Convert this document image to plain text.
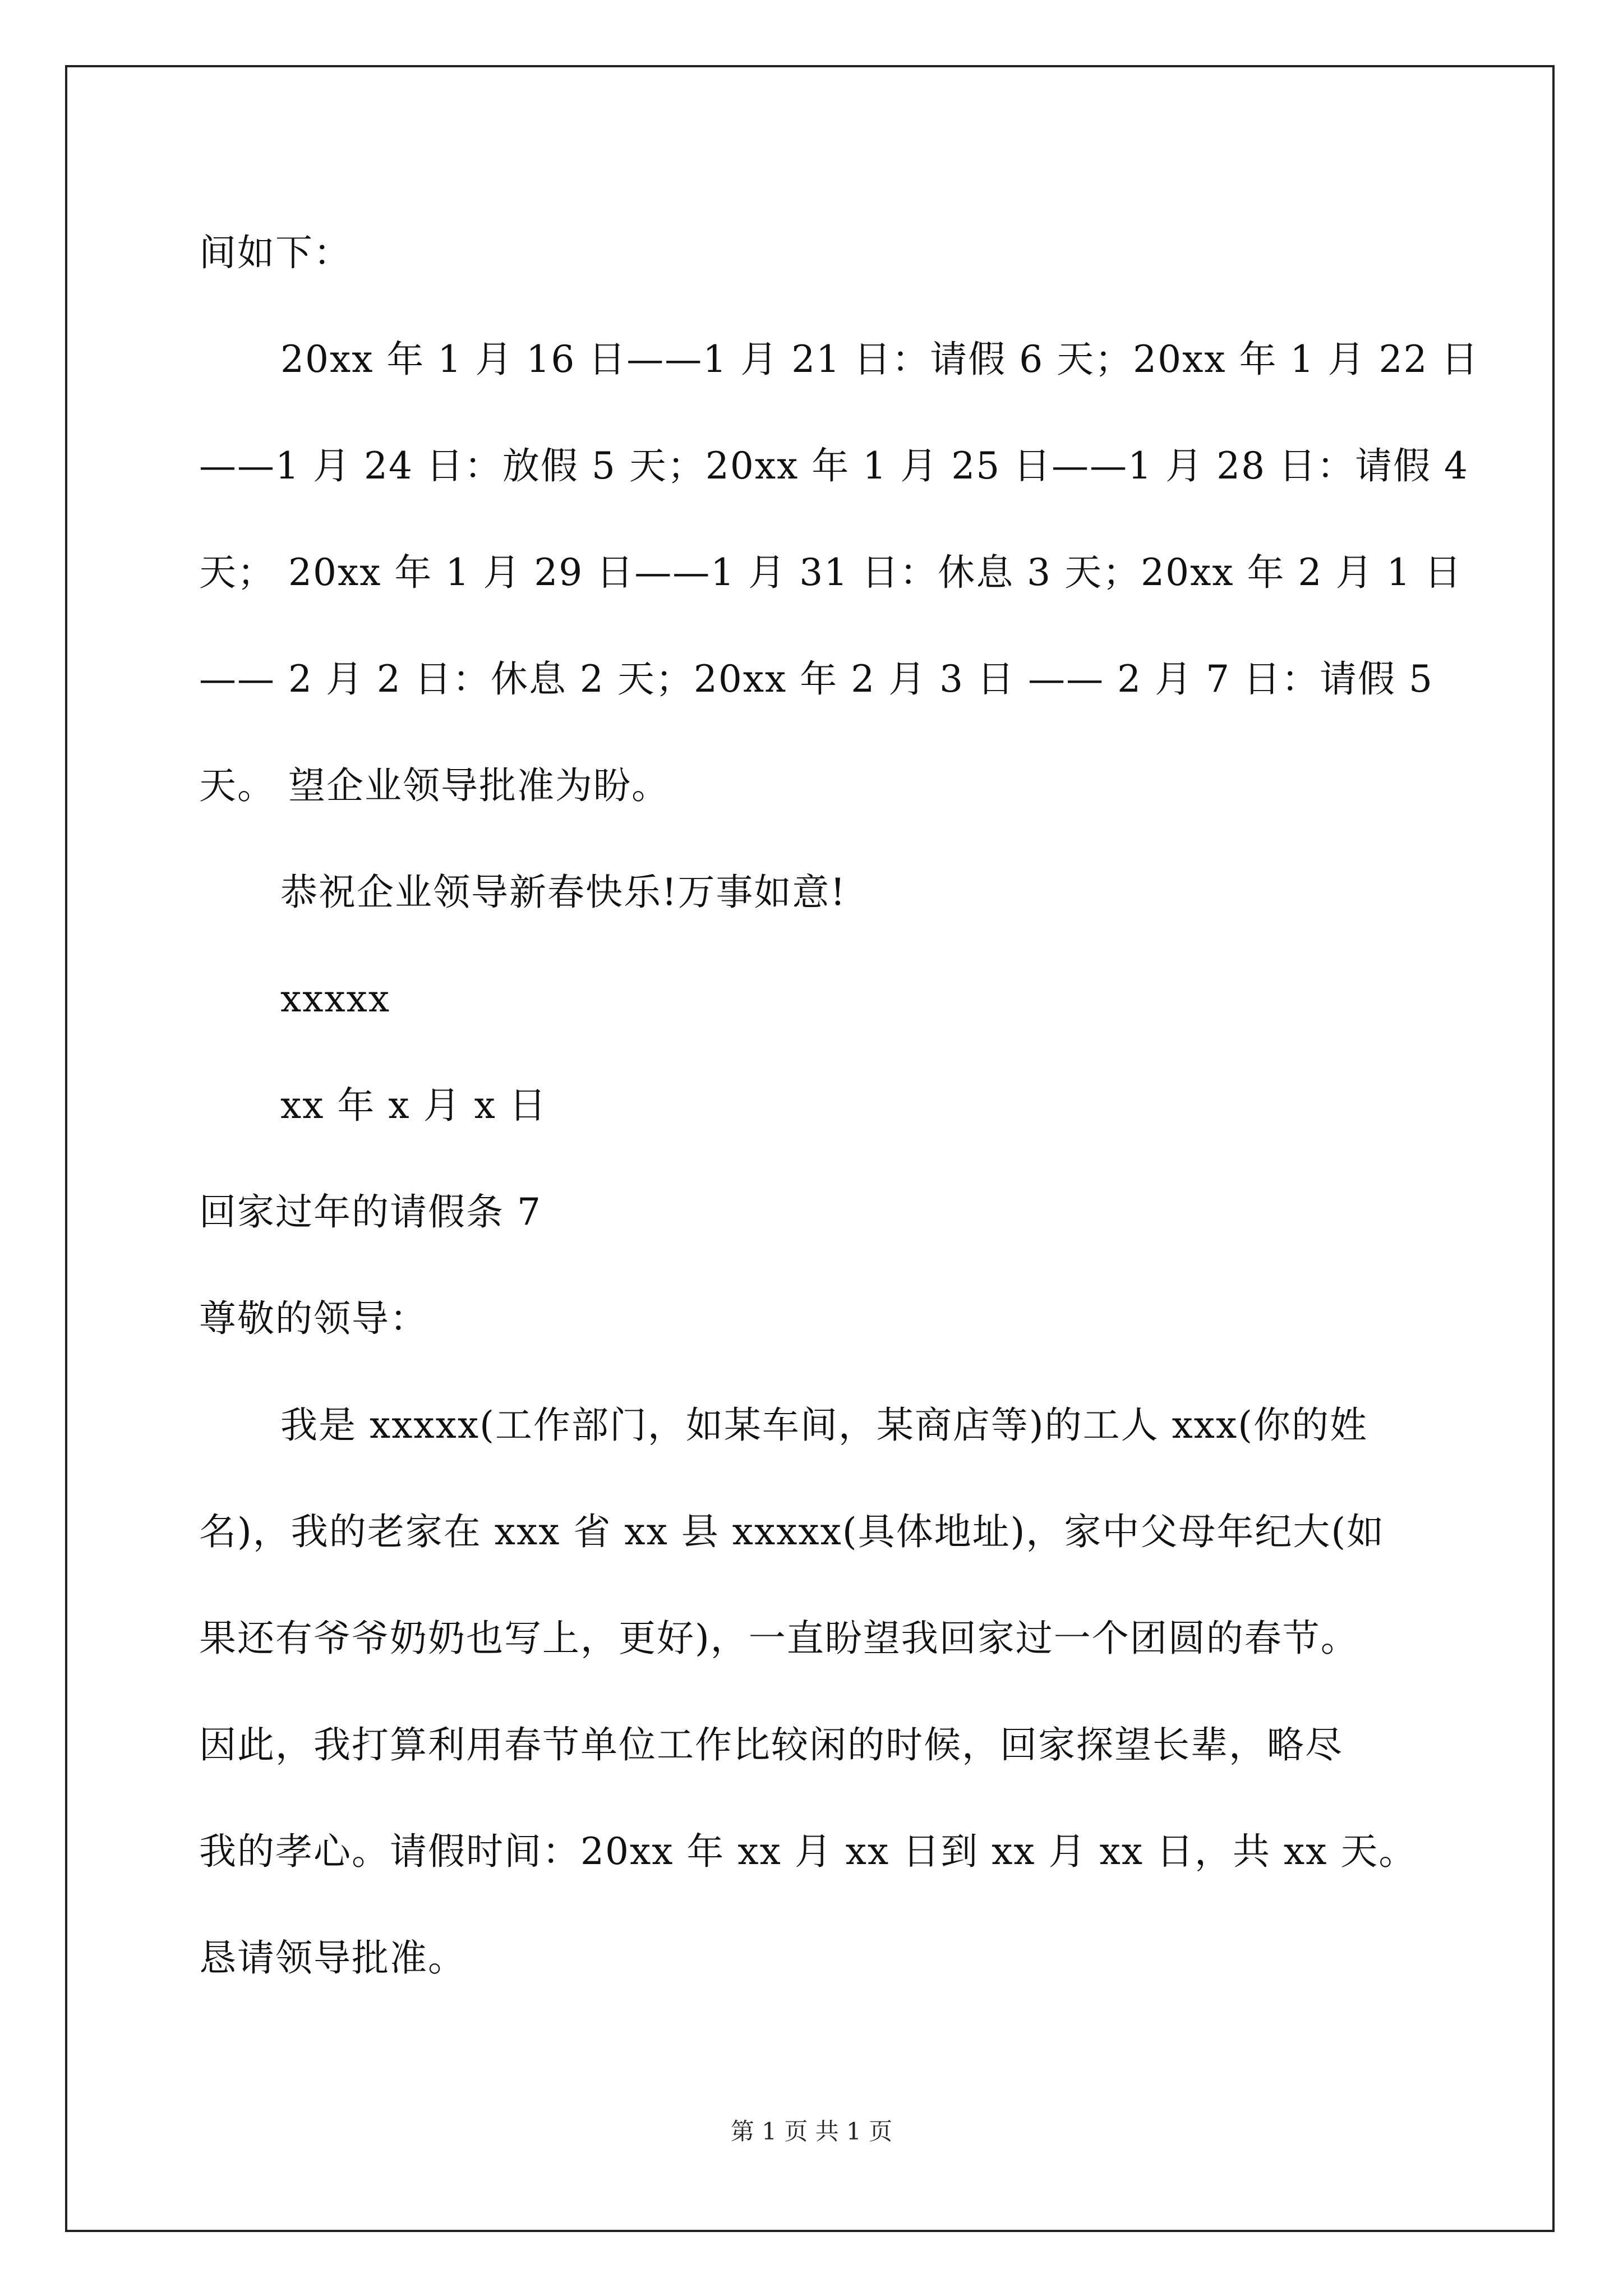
间如下：
20xx 年 1 月 16 日——1 月 21 日：请假 6 天；20xx 年 1 月 22 日
——1 月 24 日：放假 5 天；20xx 年 1 月 25 日——1 月 28 日：请假 4
天； 20xx 年 1 月 29 日——1 月 31 日：休息 3 天；20xx 年 2 月 1 日
—— 2 月 2 日：休息 2 天；20xx 年 2 月 3 日 —— 2 月 7 日：请假 5
天。 望企业领导批准为盼。
恭祝企业领导新春快乐!万事如意!
xxxxx
xx 年 x 月 x 日
回家过年的请假条 7
尊敬的领导：
我是 xxxxx(工作部门，如某车间，某商店等)的工人 xxx(你的姓
名)，我的老家在 xxx 省 xx 县 xxxxx(具体地址)，家中父母年纪大(如
果还有爷爷奶奶也写上，更好)，一直盼望我回家过一个团圆的春节。
因此，我打算利用春节单位工作比较闲的时候，回家探望长辈，略尽
我的孝心。请假时间：20xx 年 xx 月 xx 日到 xx 月 xx 日，共 xx 天。
恳请领导批准。
第 1 页 共 1 页
